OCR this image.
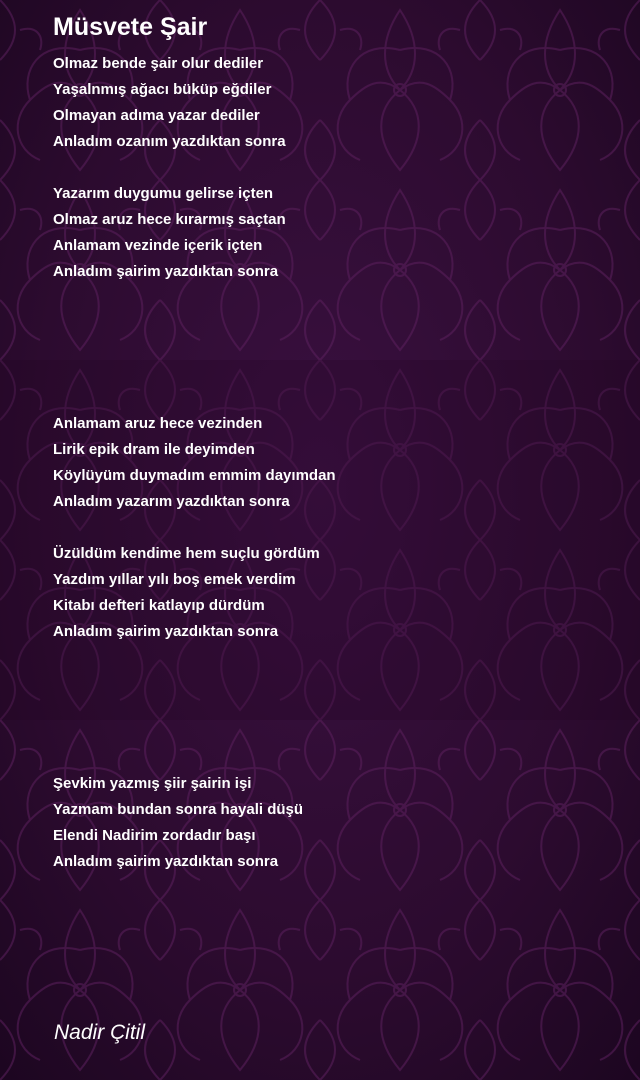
Müsvete Şair
Olmaz bende şair olur dediler
Yaşalnmış ağacı büküp eğdiler
Olmayan adıma yazar dediler
Anladım ozanım yazdıktan sonra
Yazarım duygumu gelirse içten
Olmaz aruz hece kırarmış saçtan
Anlamam vezinde içerik içten
Anladım şairim yazdıktan sonra
Anlamam aruz hece vezinden
Lirik epik dram ile deyimden
Köylüyüm duymadım emmim dayımdan
Anladım yazarım yazdıktan sonra
Üzüldüm kendime hem suçlu gördüm
Yazdım yıllar yılı boş emek verdim
Kitabı defteri katlayıp dürdüm
Anladım şairim yazdıktan sonra
Şevkim yazmış şiir şairin işi
Yazmam bundan sonra hayali düşü
Elendi Nadirim zordadır başı
Anladım şairim yazdıktan sonra
Nadir Çitil
